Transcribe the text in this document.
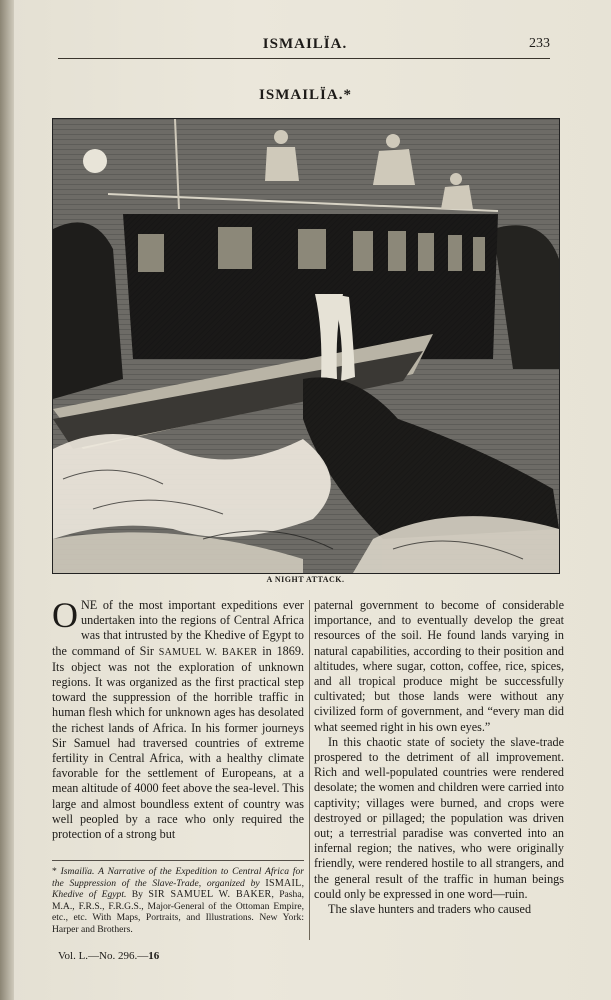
ISMAILÏA.	233
ISMAILÏA.*
A NIGHT ATTACK.

ONE of the most important expeditions ever undertaken into the regions of Central Africa was that intrusted by the Khedive of Egypt to the command of Sir SAMUEL W. BAKER in 1869. Its object was not the exploration of unknown regions. It was organized as the first practical step toward the suppression of the horrible traffic in human flesh which for unknown ages has desolated the richest lands of Africa. In his former journeys Sir Samuel had traversed countries of extreme fertility in Central Africa, with a healthy climate favorable for the settlement of Europeans, at a mean altitude of 4000 feet above the sea-level. This large and almost boundless extent of country was well peopled by a race who only required the protection of a strong but

paternal government to become of considerable importance, and to eventually develop the great resources of the soil. He found lands varying in natural capabilities, according to their position and altitudes, where sugar, cotton, coffee, rice, spices, and all tropical produce might be successfully cultivated; but those lands were without any civilized form of government, and “every man did what seemed right in his own eyes.”

In this chaotic state of society the slave-trade prospered to the detriment of all improvement. Rich and well-populated countries were rendered desolate; the women and children were carried into captivity; villages were burned, and crops were destroyed or pillaged; the population was driven out; a terrestrial paradise was converted into an infernal region; the natives, who were originally friendly, were rendered hostile to all strangers, and the general result of the traffic in human beings could only be expressed in one word—ruin.

The slave hunters and traders who caused

* Ismailïa. A Narrative of the Expedition to Central Africa for the Suppression of the Slave-Trade, organized by ISMAIL, Khedive of Egypt. By SIR SAMUEL W. BAKER, Pasha, M.A., F.R.S., F.R.G.S., Major-General of the Ottoman Empire, etc., etc. With Maps, Portraits, and Illustrations. New York: Harper and Brothers.
Vol. L.—No. 296.—16
